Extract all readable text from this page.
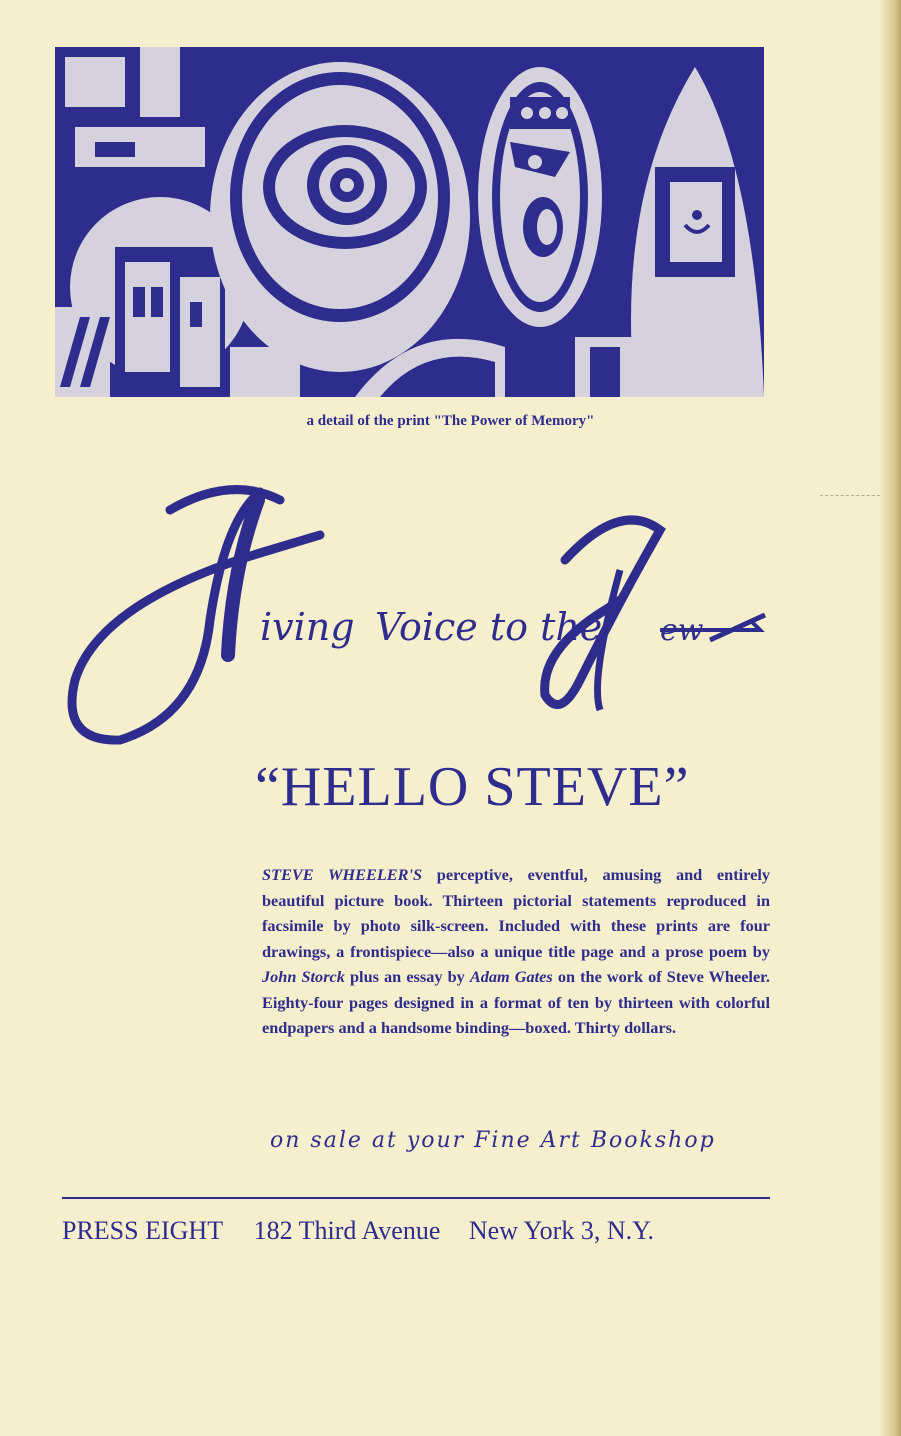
a detail of the print "The Power of Memory"
iving Voice to the ew
“HELLO STEVE”
STEVE WHEELER'S perceptive, eventful, amusing and entirely beautiful picture book. Thirteen pictorial statements reproduced in facsimile by photo silk-screen. Included with these prints are four drawings, a frontispiece—also a unique title page and a prose poem by John Storck plus an essay by Adam Gates on the work of Steve Wheeler. Eighty-four pages designed in a format of ten by thirteen with colorful endpapers and a handsome binding—boxed. Thirty dollars.
on sale at your Fine Art Bookshop
PRESS EIGHT 182 Third Avenue New York 3, N.Y.
